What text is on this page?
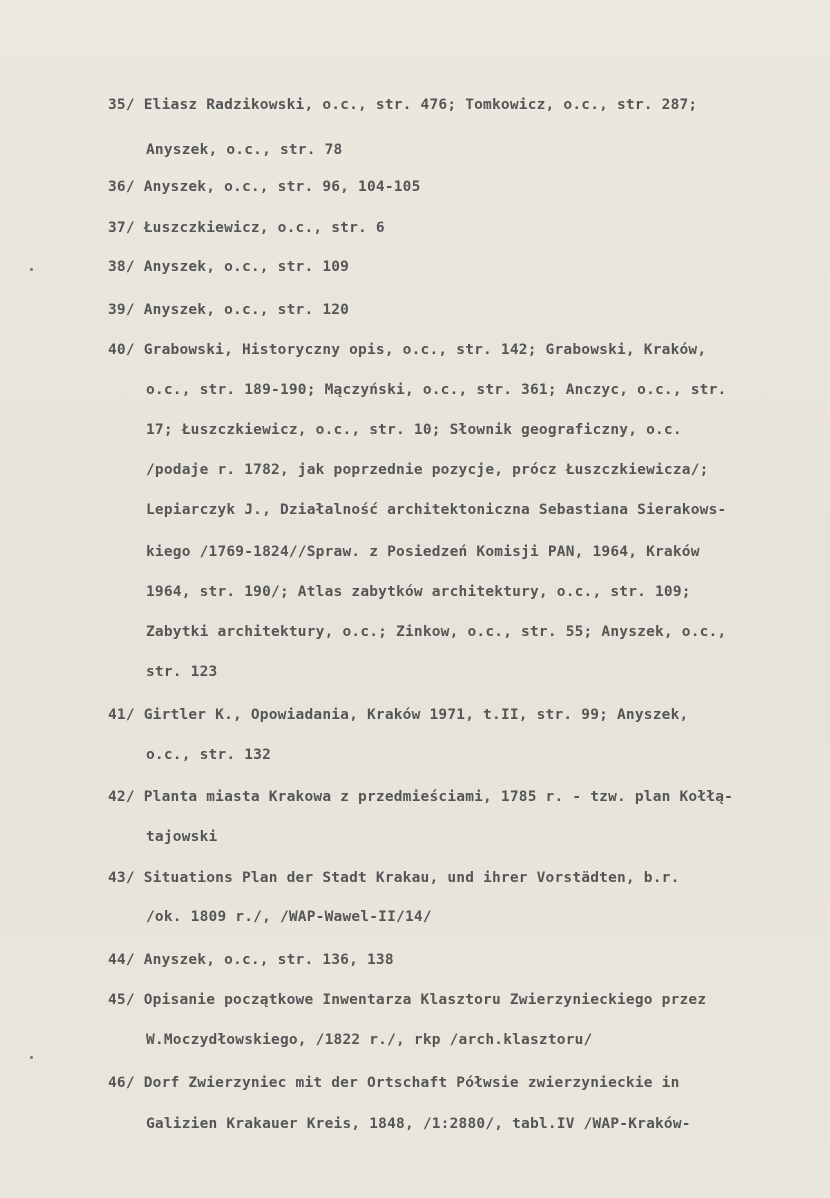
35/ Eliasz Radzikowski, o.c., str. 476; Tomkowicz, o.c., str. 287;
Anyszek, o.c., str. 78
36/ Anyszek, o.c., str. 96, 104-105
37/ Łuszczkiewicz, o.c., str. 6
38/ Anyszek, o.c., str. 109
39/ Anyszek, o.c., str. 120
40/ Grabowski, Historyczny opis, o.c., str. 142; Grabowski, Kraków,
o.c., str. 189-190; Mączyński, o.c., str. 361; Anczyc, o.c., str.
17; Łuszczkiewicz, o.c., str. 10; Słownik geograficzny, o.c.
/podaje r. 1782, jak poprzednie pozycje, prócz Łuszczkiewicza/;
Lepiarczyk J., Działalność architektoniczna Sebastiana Sierakows-
kiego /1769-1824//Spraw. z Posiedzeń Komisji PAN, 1964, Kraków
1964, str. 190/; Atlas zabytków architektury, o.c., str. 109;
Zabytki architektury, o.c.; Zinkow, o.c., str. 55; Anyszek, o.c.,
str. 123
41/ Girtler K., Opowiadania, Kraków 1971, t.II, str. 99; Anyszek,
o.c., str. 132
42/ Planta miasta Krakowa z przedmieściami, 1785 r. - tzw. plan Kołłą-
tajowski
43/ Situations Plan der Stadt Krakau, und ihrer Vorstädten, b.r.
/ok. 1809 r./, /WAP-Wawel-II/14/
44/ Anyszek, o.c., str. 136, 138
45/ Opisanie początkowe Inwentarza Klasztoru Zwierzynieckiego przez
W.Moczydłowskiego, /1822 r./, rkp /arch.klasztoru/
46/ Dorf Zwierzyniec mit der Ortschaft Półwsie zwierzynieckie in
Galizien Krakauer Kreis, 1848, /1:2880/, tabl.IV /WAP-Kraków-
